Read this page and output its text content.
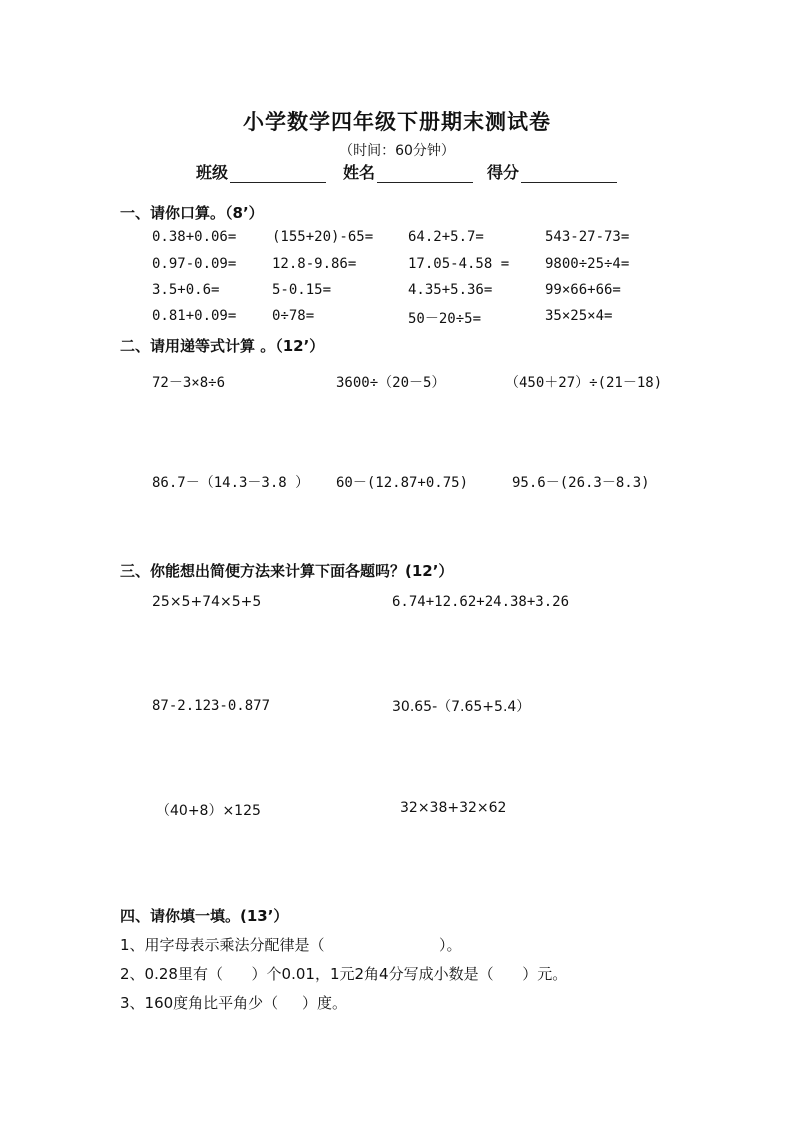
小学数学四年级下册期末测试卷
（时间：60分钟）
班级	姓名	得分
一、请你口算。（8’）
0.38+0.06=	(155+20)-65= 64.2+5.7=	543-27-73=
0.97-0.09=	12.8-9.86=	17.05-4.58 =	9800÷25÷4=
3.5+0.6=	5-0.15=	4.35+5.36=	99×66+66=
0.81+0.09=	0÷78=	50－20÷5=	35×25×4=
二、请用递等式计算 。（12’）
72－3×8÷6	3600÷（20－5）	（450＋27）÷(21－18)
86.7－（14.3－3.8 ） 60－(12.87+0.75)	95.6－(26.3－8.3)
三、你能想出简便方法来计算下面各题吗？(12’）
25×5+74×5+5	6.74+12.62+24.38+3.26
87-2.123-0.877	30.65-（7.65+5.4）
（40+8）×125	32×38+32×62
四、请你填一填。(13’）
1、用字母表示乘法分配律是（                        ）。
2、0.28里有（      ）个0.01，1元2角4分写成小数是（      ）元。
3、160度角比平角少（     ）度。
